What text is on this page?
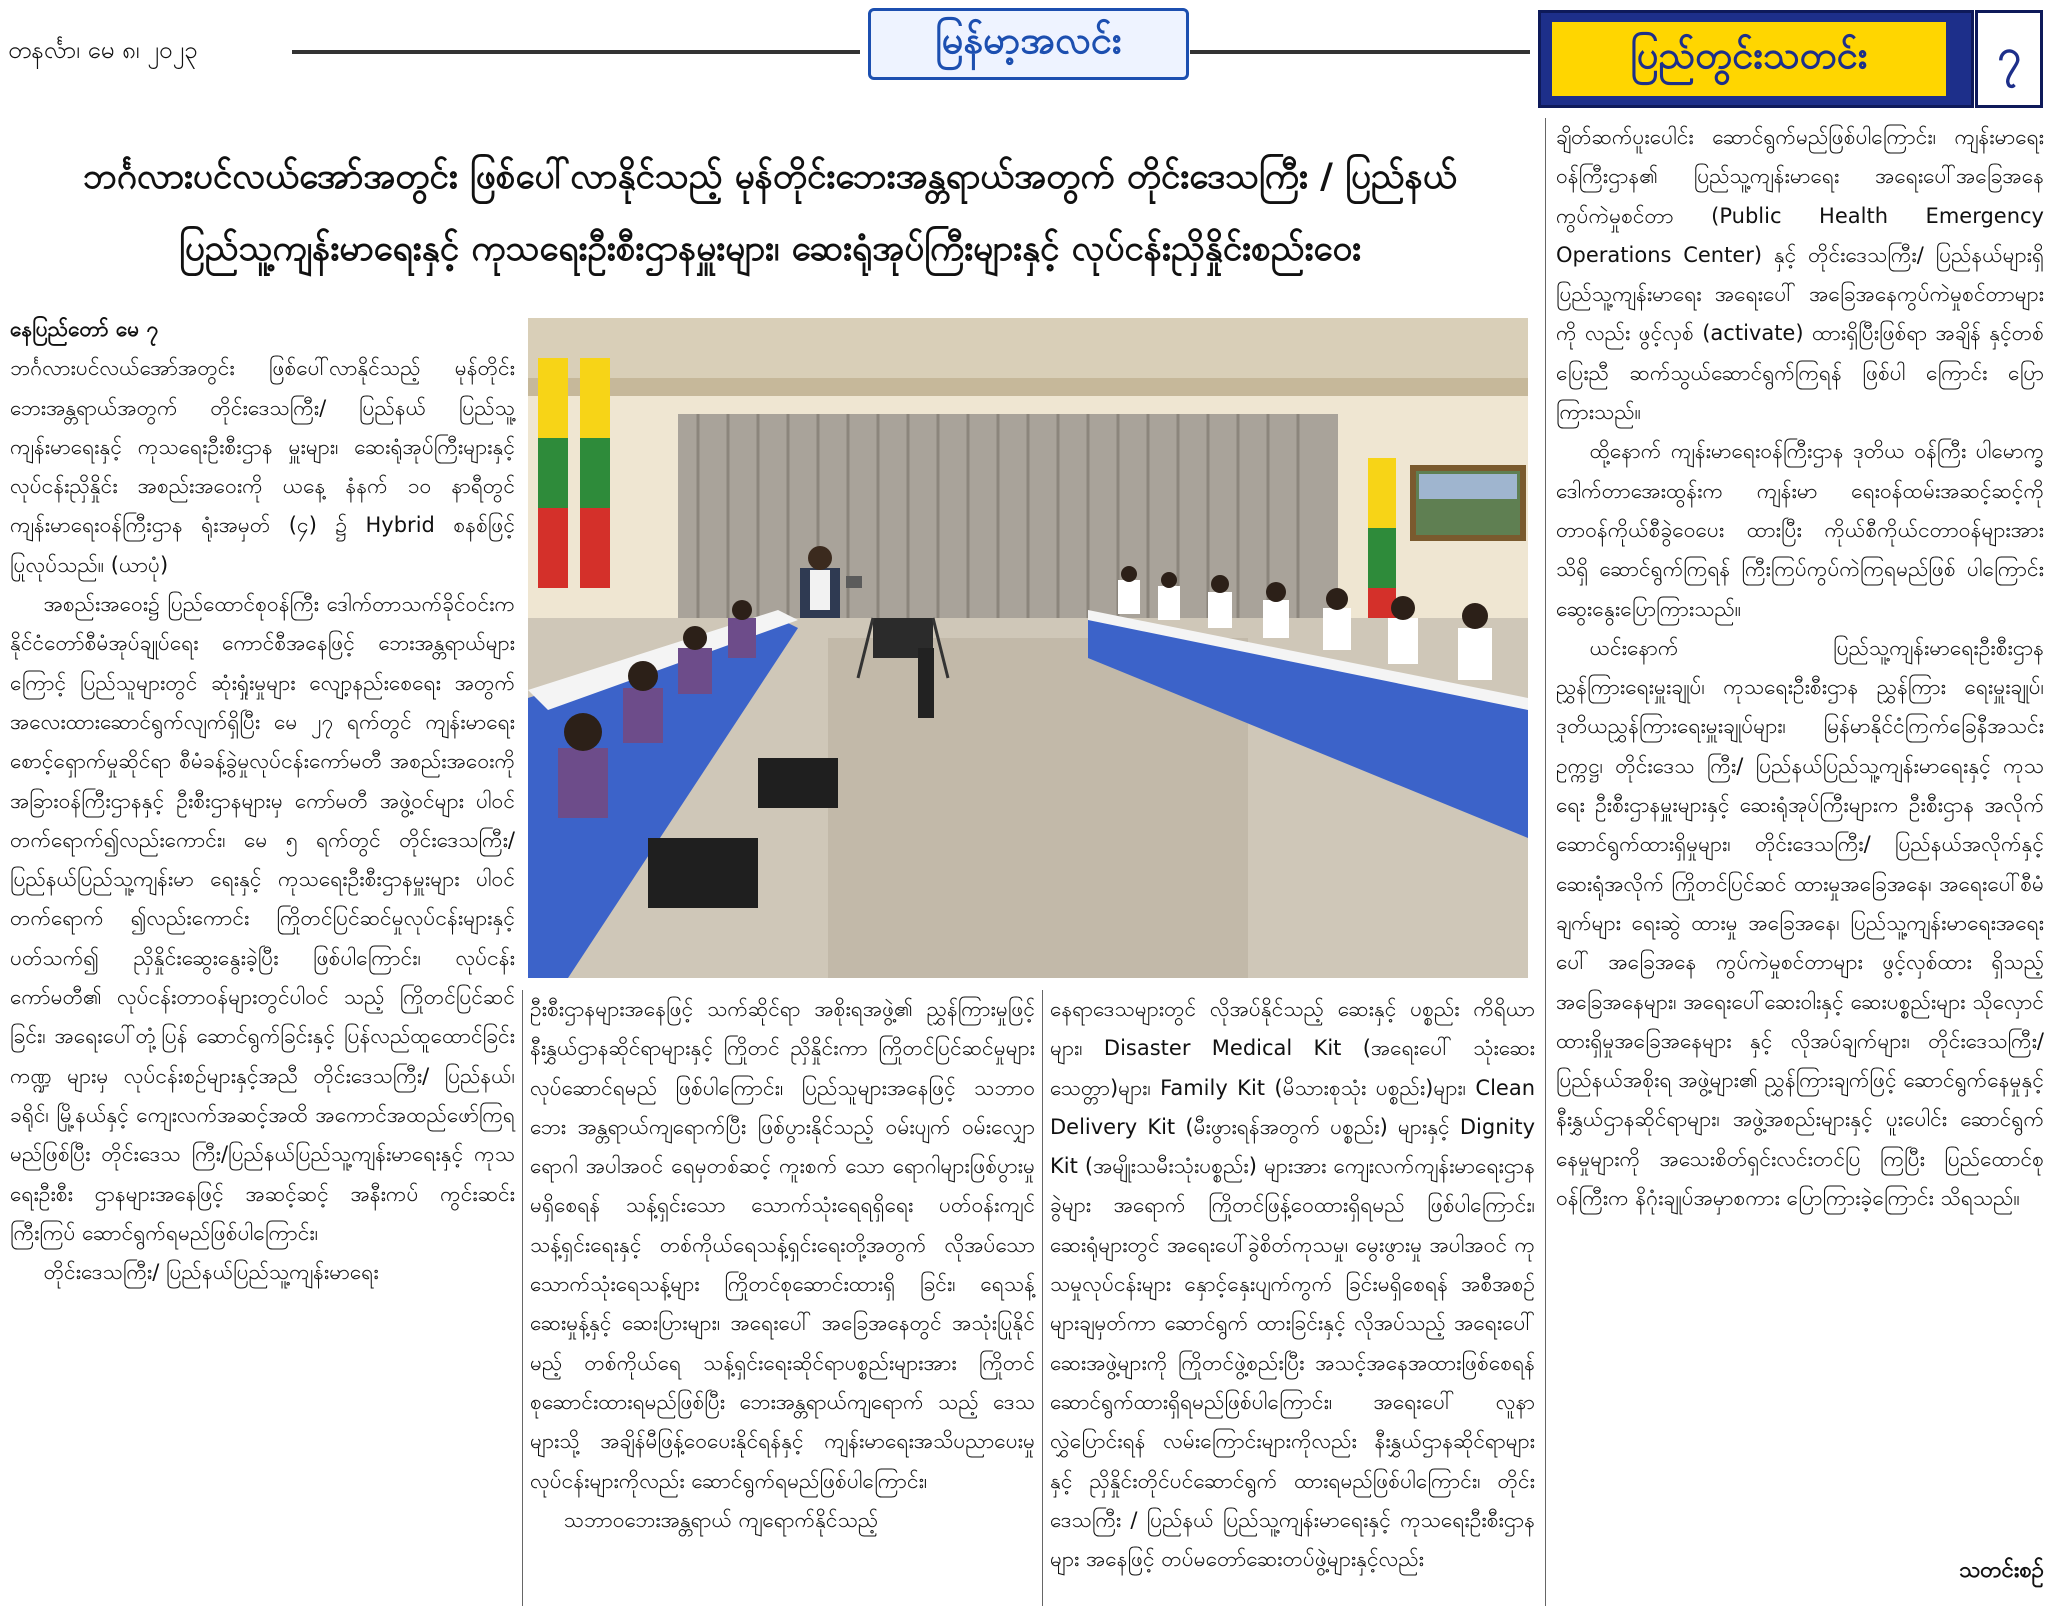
တနင်္လာ၊ မေ ၈၊ ၂၀၂၃	မြန်မာ့အလင်း	ပြည်တွင်းသတင်း	၇
ဘင်္ဂလားပင်လယ်အော်အတွင်း ဖြစ်ပေါ်လာနိုင်သည့် မုန်တိုင်းဘေးအန္တရာယ်အတွက် တိုင်းဒေသကြီး / ပြည်နယ်
ပြည်သူ့ကျန်းမာရေးနှင့် ကုသရေးဦးစီးဌာနမှူးများ၊ ဆေးရုံအုပ်ကြီးများနှင့် လုပ်ငန်းညှိနှိုင်းစည်းဝေး

နေပြည်တော် မေ ၇

ဘင်္ဂလားပင်လယ်အော်အတွင်း ဖြစ်ပေါ်လာနိုင်သည့် မုန်တိုင်းဘေးအန္တရာယ်အတွက် တိုင်းဒေသကြီး/ ပြည်နယ် ပြည်သူ့ကျန်းမာရေးနှင့် ကုသရေးဦးစီးဌာန မှူးများ၊ ဆေးရုံအုပ်ကြီးများနှင့် လုပ်ငန်းညှိနှိုင်း အစည်းအဝေးကို ယနေ့ နံနက် ၁၀ နာရီတွင် ကျန်းမာရေးဝန်ကြီးဌာန ရုံးအမှတ် (၄) ၌ Hybrid စနစ်ဖြင့် ပြုလုပ်သည်။ (ယာပုံ)

အစည်းအဝေး၌ ပြည်ထောင်စုဝန်ကြီး ဒေါက်တာသက်ခိုင်ဝင်းက နိုင်ငံတော်စီမံအုပ်ချုပ်ရေး ကောင်စီအနေဖြင့် ဘေးအန္တရာယ်များကြောင့် ပြည်သူများတွင် ဆုံးရှုံးမှုများ လျော့နည်းစေရေး အတွက် အလေးထားဆောင်ရွက်လျက်ရှိပြီး မေ ၂၇ ရက်တွင် ကျန်းမာရေးစောင့်ရှောက်မှုဆိုင်ရာ စီမံခန့်ခွဲမှုလုပ်ငန်းကော်မတီ အစည်းအဝေးကို အခြားဝန်ကြီးဌာနနှင့် ဦးစီးဌာနများမှ ကော်မတီ အဖွဲ့ဝင်များ ပါဝင်တက်ရောက်၍လည်းကောင်း၊ မေ ၅ ရက်တွင် တိုင်းဒေသကြီး/ပြည်နယ်ပြည်သူ့ကျန်းမာ ရေးနှင့် ကုသရေးဦးစီးဌာနမှူးများ ပါဝင်တက်ရောက် ၍လည်းကောင်း ကြိုတင်ပြင်ဆင်မှုလုပ်ငန်းများနှင့် ပတ်သက်၍ ညှိနှိုင်းဆွေးနွေးခဲ့ပြီး ဖြစ်ပါကြောင်း၊ လုပ်ငန်းကော်မတီ၏ လုပ်ငန်းတာဝန်များတွင်ပါဝင် သည့် ကြိုတင်ပြင်ဆင်ခြင်း၊ အရေးပေါ်တုံ့ပြန် ဆောင်ရွက်ခြင်းနှင့် ပြန်လည်ထူထောင်ခြင်း ကဏ္ဍ များမှ လုပ်ငန်းစဉ်များနှင့်အညီ တိုင်းဒေသကြီး/ ပြည်နယ်၊ ခရိုင်၊ မြို့နယ်နှင့် ကျေးလက်အဆင့်အထိ အကောင်အထည်ဖော်ကြရမည်ဖြစ်ပြီး တိုင်းဒေသ ကြီး/ပြည်နယ်ပြည်သူ့ကျန်းမာရေးနှင့် ကုသရေးဦးစီး ဌာနများအနေဖြင့် အဆင့်ဆင့် အနီးကပ် ကွင်းဆင်း ကြီးကြပ် ဆောင်ရွက်ရမည်ဖြစ်ပါကြောင်း၊

တိုင်းဒေသကြီး/ ပြည်နယ်ပြည်သူ့ကျန်းမာရေး

ဦးစီးဌာနများအနေဖြင့် သက်ဆိုင်ရာ အစိုးရအဖွဲ့၏ ညွှန်ကြားမှုဖြင့် နီးနွှယ်ဌာနဆိုင်ရာများနှင့် ကြိုတင် ညှိနှိုင်းကာ ကြိုတင်ပြင်ဆင်မှုများ လုပ်ဆောင်ရမည် ဖြစ်ပါကြောင်း၊ ပြည်သူများအနေဖြင့် သဘာဝဘေး အန္တရာယ်ကျရောက်ပြီး ဖြစ်ပွားနိုင်သည့် ဝမ်းပျက် ဝမ်းလျှောရောဂါ အပါအဝင် ရေမှတစ်ဆင့် ကူးစက် သော ရောဂါများဖြစ်ပွားမှုမရှိစေရန် သန့်ရှင်းသော သောက်သုံးရေရရှိရေး ပတ်ဝန်းကျင်သန့်ရှင်းရေးနှင့် တစ်ကိုယ်ရေသန့်ရှင်းရေးတို့အတွက် လိုအပ်သော သောက်သုံးရေသန့်များ ကြိုတင်စုဆောင်းထားရှိ ခြင်း၊ ရေသန့်ဆေးမှုန့်နှင့် ဆေးပြားများ၊ အရေးပေါ် အခြေအနေတွင် အသုံးပြုနိုင်မည့် တစ်ကိုယ်ရေ သန့်ရှင်းရေးဆိုင်ရာပစ္စည်းများအား ကြိုတင် စုဆောင်းထားရမည်ဖြစ်ပြီး ဘေးအန္တရာယ်ကျရောက် သည့် ဒေသများသို့ အချိန်မီဖြန့်ဝေပေးနိုင်ရန်နှင့် ကျန်းမာရေးအသိပညာပေးမှု လုပ်ငန်းများကိုလည်း ဆောင်ရွက်ရမည်ဖြစ်ပါကြောင်း၊

သဘာဝဘေးအန္တရာယ် ကျရောက်နိုင်သည့်

နေရာဒေသများတွင် လိုအပ်နိုင်သည့် ဆေးနှင့် ပစ္စည်း ကိရိယာများ၊ Disaster Medical Kit (အရေးပေါ် သုံးဆေးသေတ္တာ)များ၊ Family Kit (မိသားစုသုံး ပစ္စည်း)များ၊ Clean Delivery Kit (မီးဖွားရန်အတွက် ပစ္စည်း) များနှင့် Dignity Kit (အမျိုးသမီးသုံးပစ္စည်း) များအား ကျေးလက်ကျန်းမာရေးဌာနခွဲများ အရောက် ကြိုတင်ဖြန့်ဝေထားရှိရမည် ဖြစ်ပါကြောင်း၊ ဆေးရုံများတွင် အရေးပေါ်ခွဲစိတ်ကုသမှု၊ မွေးဖွားမှု အပါအဝင် ကုသမှုလုပ်ငန်းများ နှောင့်နှေးပျက်ကွက် ခြင်းမရှိစေရန် အစီအစဉ်များချမှတ်ကာ ဆောင်ရွက် ထားခြင်းနှင့် လိုအပ်သည့် အရေးပေါ်ဆေးအဖွဲ့များကို ကြိုတင်ဖွဲ့စည်းပြီး အသင့်အနေအထားဖြစ်စေရန် ဆောင်ရွက်ထားရှိရမည်ဖြစ်ပါကြောင်း၊ အရေးပေါ် လူနာလွှဲပြောင်းရန် လမ်းကြောင်းများကိုလည်း နီးနွှယ်ဌာနဆိုင်ရာများနှင့် ညှိနှိုင်းတိုင်ပင်ဆောင်ရွက် ထားရမည်ဖြစ်ပါကြောင်း၊ တိုင်းဒေသကြီး / ပြည်နယ် ပြည်သူ့ကျန်းမာရေးနှင့် ကုသရေးဦးစီးဌာနများ အနေဖြင့် တပ်မတော်ဆေးတပ်ဖွဲ့များနှင့်လည်း

ချိတ်ဆက်ပူးပေါင်း ဆောင်ရွက်မည်ဖြစ်ပါကြောင်း၊ ကျန်းမာရေးဝန်ကြီးဌာန၏ ပြည်သူ့ကျန်းမာရေး အရေးပေါ်အခြေအနေ ကွပ်ကဲမှုစင်တာ (Public Health Emergency Operations Center) နှင့် တိုင်းဒေသကြီး/ ပြည်နယ်များရှိ ပြည်သူ့ကျန်းမာရေး အရေးပေါ် အခြေအနေကွပ်ကဲမှုစင်တာများကို လည်း ဖွင့်လှစ် (activate) ထားရှိပြီးဖြစ်ရာ အချိန် နှင့်တစ်ပြေးညီ ဆက်သွယ်ဆောင်ရွက်ကြရန် ဖြစ်ပါ ကြောင်း ပြောကြားသည်။

ထို့နောက် ကျန်းမာရေးဝန်ကြီးဌာန ဒုတိယ ဝန်ကြီး ပါမောက္ခ ဒေါက်တာအေးထွန်းက ကျန်းမာ ရေးဝန်ထမ်းအဆင့်ဆင့်ကို တာဝန်ကိုယ်စီခွဲဝေပေး ထားပြီး ကိုယ်စီကိုယ်ငတာဝန်များအား သိရှိ ဆောင်ရွက်ကြရန် ကြီးကြပ်ကွပ်ကဲကြရမည်ဖြစ် ပါကြောင်း ဆွေးနွေးပြောကြားသည်။

ယင်းနောက် ပြည်သူ့ကျန်းမာရေးဦးစီးဌာန ညွှန်ကြားရေးမှူးချုပ်၊ ကုသရေးဦးစီးဌာန ညွှန်ကြား ရေးမှူးချုပ်၊ ဒုတိယညွှန်ကြားရေးမှူးချုပ်များ၊ မြန်မာနိုင်ငံကြက်ခြေနီအသင်းဥက္ကဋ္ဌ၊ တိုင်းဒေသ ကြီး/ ပြည်နယ်ပြည်သူ့ကျန်းမာရေးနှင့် ကုသရေး ဦးစီးဌာနမှူးများနှင့် ဆေးရုံအုပ်ကြီးများက ဦးစီးဌာန အလိုက်ဆောင်ရွက်ထားရှိမှုများ၊ တိုင်းဒေသကြီး/ ပြည်နယ်အလိုက်နှင့် ဆေးရုံအလိုက် ကြိုတင်ပြင်ဆင် ထားမှုအခြေအနေ၊ အရေးပေါ်စီမံချက်များ ရေးဆွဲ ထားမှု အခြေအနေ၊ ပြည်သူ့ကျန်းမာရေးအရေးပေါ် အခြေအနေ ကွပ်ကဲမှုစင်တာများ ဖွင့်လှစ်ထား ရှိသည့် အခြေအနေများ၊ အရေးပေါ်ဆေးဝါးနှင့် ဆေးပစ္စည်းများ သိုလှောင်ထားရှိမှုအခြေအနေများ နှင့် လိုအပ်ချက်များ၊ တိုင်းဒေသကြီး/ ပြည်နယ်အစိုးရ အဖွဲ့များ၏ ညွှန်ကြားချက်ဖြင့် ဆောင်ရွက်နေမှုနှင့် နီးနွှယ်ဌာနဆိုင်ရာများ၊ အဖွဲ့အစည်းများနှင့် ပူးပေါင်း ဆောင်ရွက်နေမှုများကို အသေးစိတ်ရှင်းလင်းတင်ပြ ကြပြီး ပြည်ထောင်စုဝန်ကြီးက နိဂုံးချုပ်အမှာစကား ပြောကြားခဲ့ကြောင်း သိရသည်။

သတင်းစဉ်
